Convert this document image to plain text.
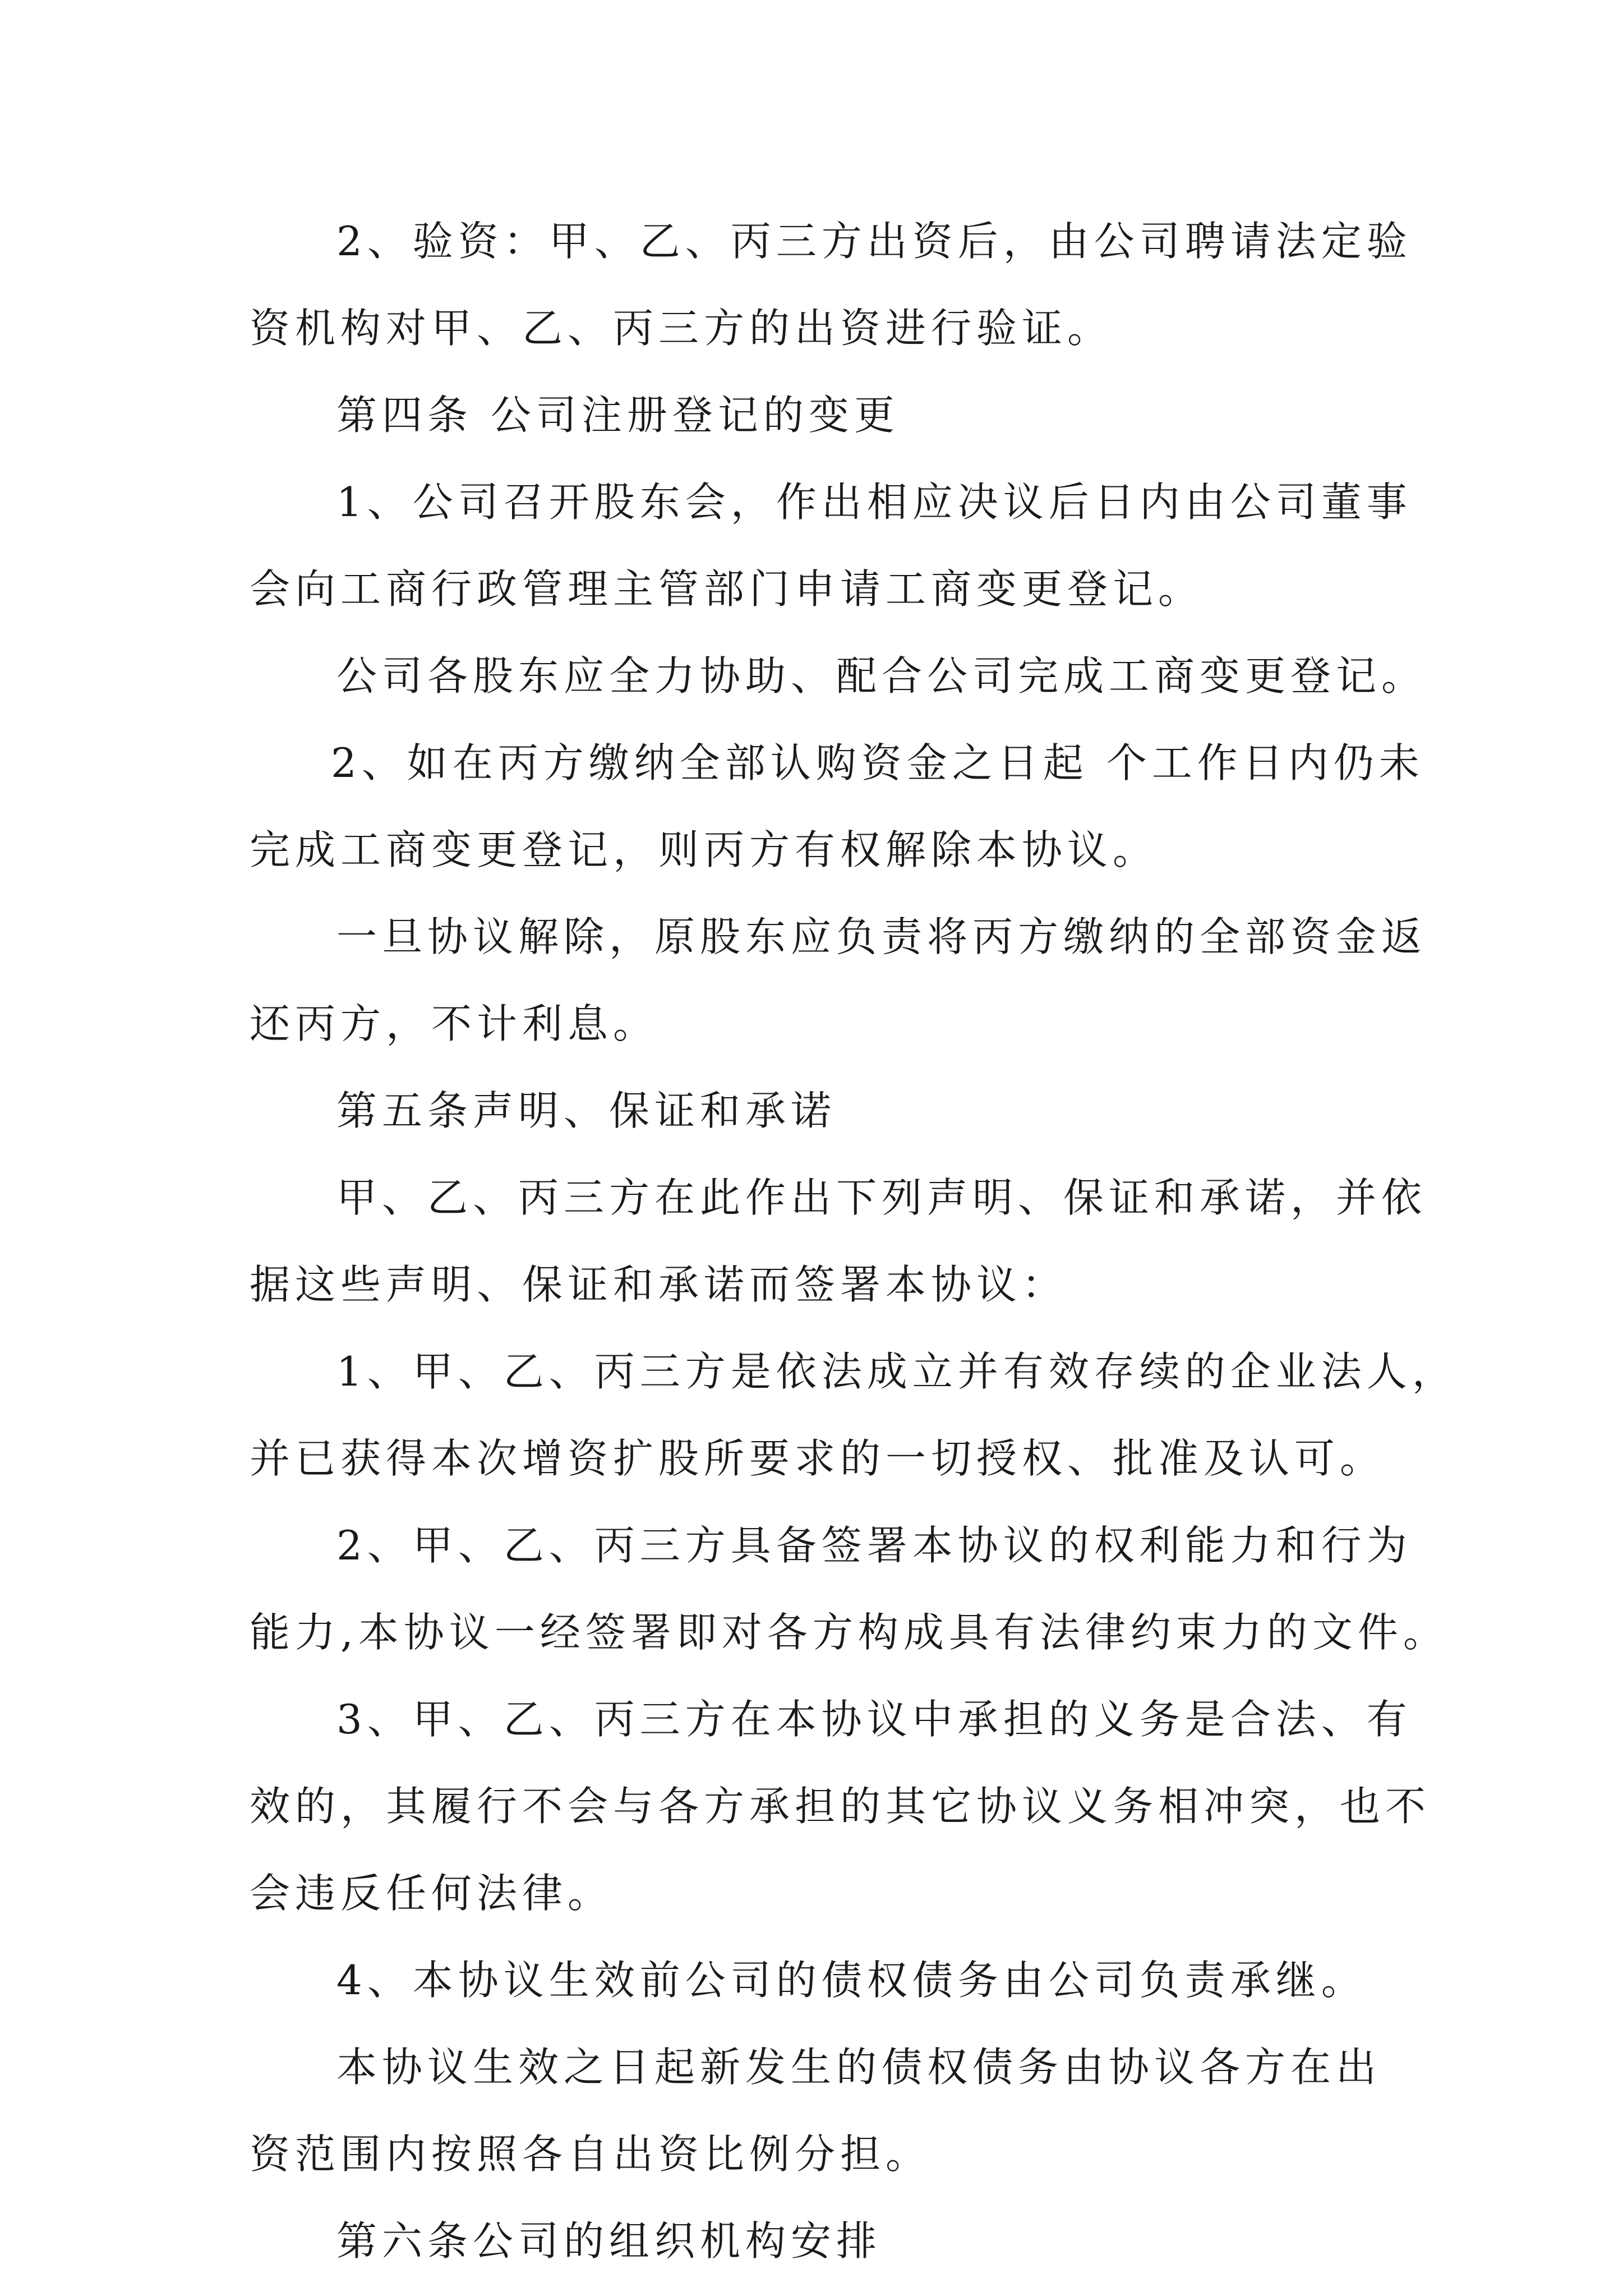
2、验资：甲、乙、丙三方出资后，由公司聘请法定验
资机构对甲、乙、丙三方的出资进行验证。
第四条 公司注册登记的变更
1、公司召开股东会，作出相应决议后日内由公司董事
会向工商行政管理主管部门申请工商变更登记。
公司各股东应全力协助、配合公司完成工商变更登记。
2、如在丙方缴纳全部认购资金之日起 个工作日内仍未
完成工商变更登记，则丙方有权解除本协议。
一旦协议解除，原股东应负责将丙方缴纳的全部资金返
还丙方，不计利息。
第五条声明、保证和承诺
甲、乙、丙三方在此作出下列声明、保证和承诺，并依
据这些声明、保证和承诺而签署本协议：
1、甲、乙、丙三方是依法成立并有效存续的企业法人，
并已获得本次增资扩股所要求的一切授权、批准及认可。
2、甲、乙、丙三方具备签署本协议的权利能力和行为
能力,本协议一经签署即对各方构成具有法律约束力的文件。
3、甲、乙、丙三方在本协议中承担的义务是合法、有
效的，其履行不会与各方承担的其它协议义务相冲突，也不
会违反任何法律。
4、本协议生效前公司的债权债务由公司负责承继。
本协议生效之日起新发生的债权债务由协议各方在出
资范围内按照各自出资比例分担。
第六条公司的组织机构安排
